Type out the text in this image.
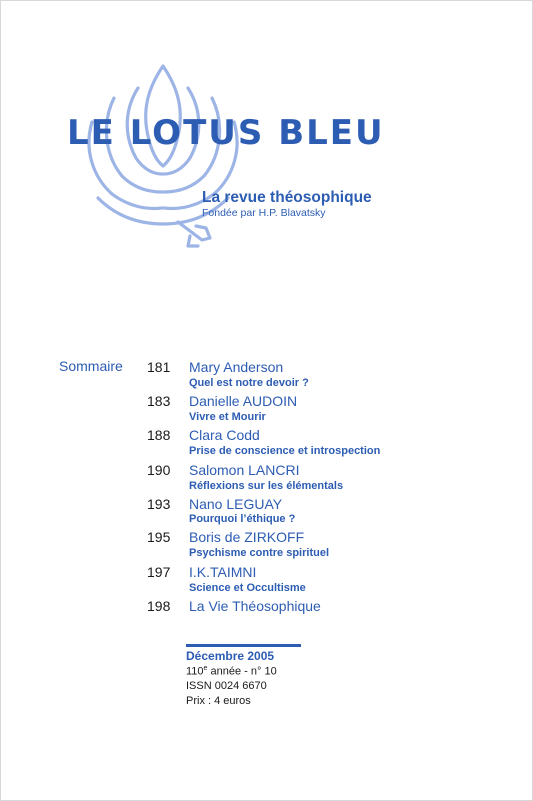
LE LOTUS BLEU
La revue théosophique
Fondée par H.P. Blavatsky
Sommaire 181	Mary Anderson
Quel est notre devoir ?
183	Danielle AUDOIN
Vivre et Mourir
188	Clara Codd
Prise de conscience et introspection
190	Salomon LANCRI
Réflexions sur les élémentals
193	Nano LEGUAY
Pourquoi l’éthique ?
195	Boris de ZIRKOFF
Psychisme contre spirituel
197	I.K.TAIMNI
Science et Occultisme
198	La Vie Théosophique
Décembre 2005
110e année - n° 10
ISSN 0024 6670
Prix : 4 euros
